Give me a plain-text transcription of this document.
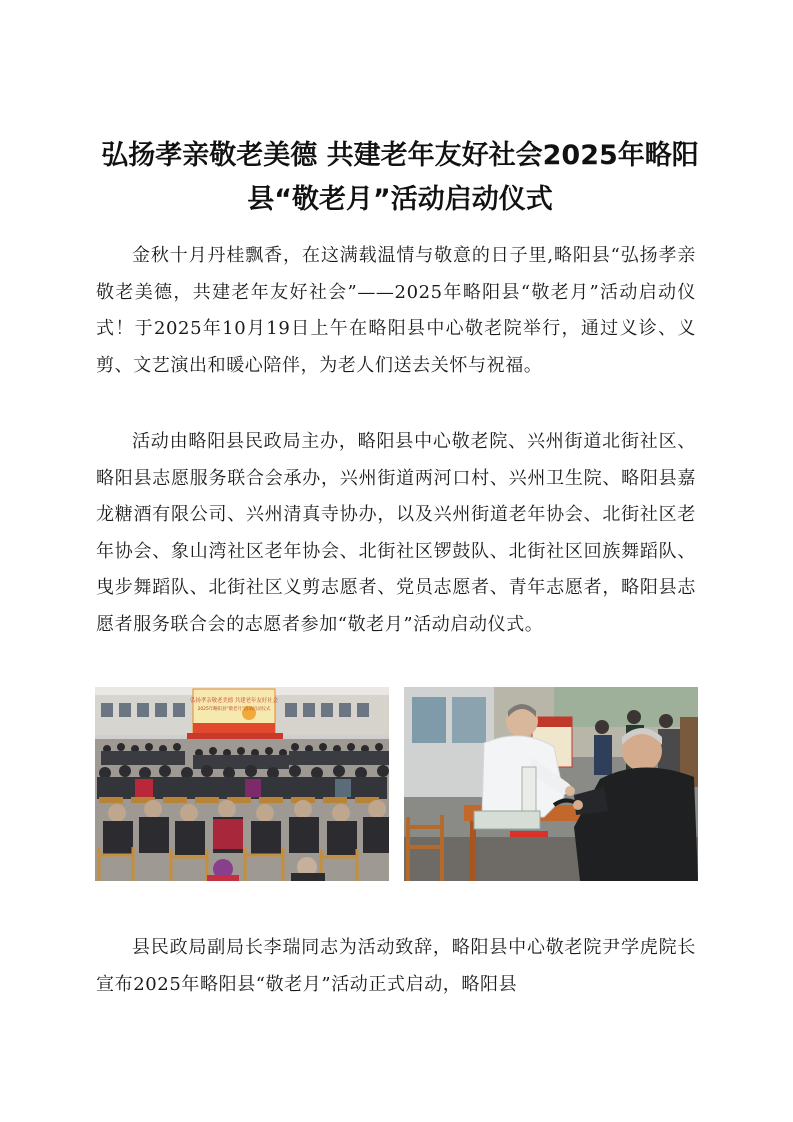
弘扬孝亲敬老美德 共建老年友好社会2025年略阳县“敬老月”活动启动仪式

金秋十月丹桂飘香，在这满载温情与敬意的日子里,略阳县“弘扬孝亲敬老美德，共建老年友好社会”——2025年略阳县“敬老月”活动启动仪式！于2025年10月19日上午在略阳县中心敬老院举行，通过义诊、义剪、文艺演出和暖心陪伴，为老人们送去关怀与祝福。

活动由略阳县民政局主办，略阳县中心敬老院、兴州街道北街社区、略阳县志愿服务联合会承办，兴州街道两河口村、兴州卫生院、略阳县嘉龙糖酒有限公司、兴州清真寺协办，以及兴州街道老年协会、北街社区老年协会、象山湾社区老年协会、北街社区锣鼓队、北街社区回族舞蹈队、曳步舞蹈队、北街社区义剪志愿者、党员志愿者、青年志愿者，略阳县志愿者服务联合会的志愿者参加“敬老月”活动启动仪式。

弘扬孝亲敬老美德 共建老年友好社会
2025年略阳县“敬老月”活动启动仪式

县民政局副局长李瑞同志为活动致辞，略阳县中心敬老院尹学虎院长宣布2025年略阳县“敬老月”活动正式启动，略阳县
